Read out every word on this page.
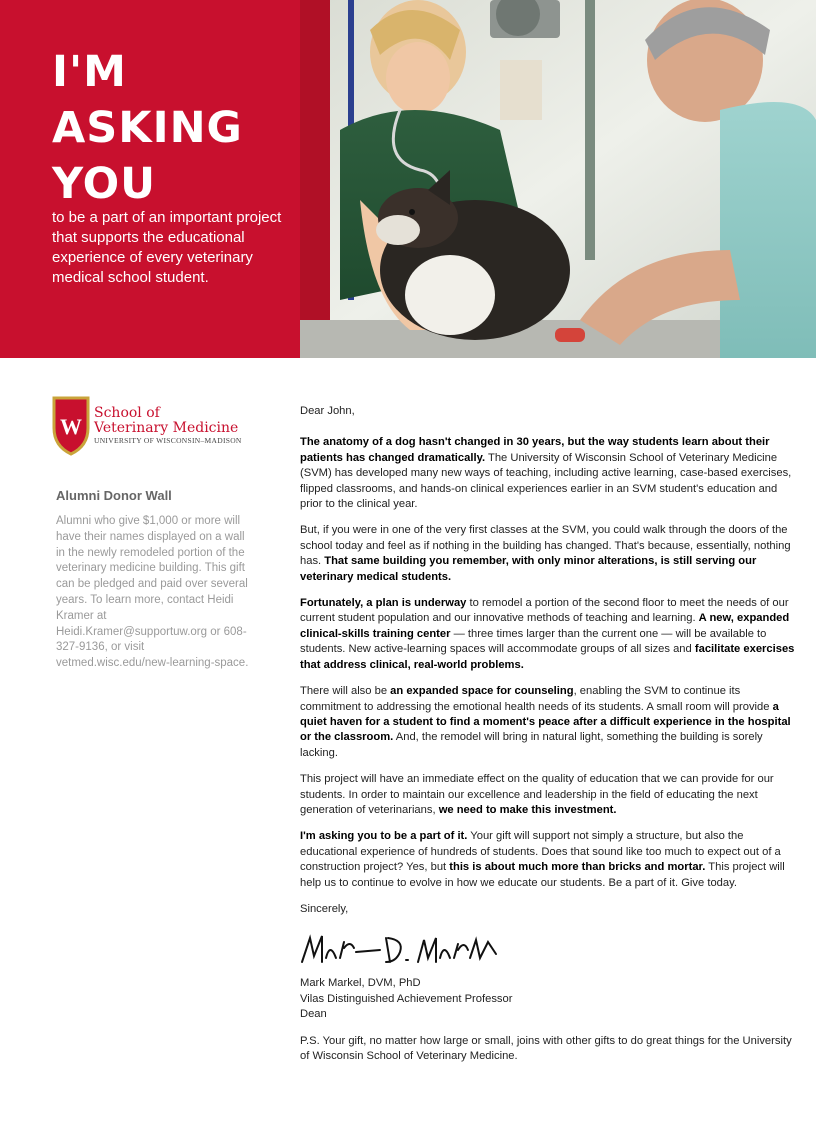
I'M
ASKING
YOU
to be a part of an important project that supports the educational experience of every veterinary medical school student.
W
School of
Veterinary Medicine
UNIVERSITY OF WISCONSIN–MADISON
Alumni Donor Wall
Alumni who give $1,000 or more will have their names displayed on a wall in the newly remodeled portion of the veterinary medicine building. This gift can be pledged and paid over several years. To learn more, contact Heidi Kramer at Heidi.Kramer@supportuw.org or 608-327-9136, or visit vetmed.wisc.edu/new-learning-space.

Dear John,

The anatomy of a dog hasn't changed in 30 years, but the way students learn about their patients has changed dramatically. The University of Wisconsin School of Veterinary Medicine (SVM) has developed many new ways of teaching, including active learning, case-based exercises, flipped classrooms, and hands-on clinical experiences earlier in an SVM student's education and prior to the clinical year.

But, if you were in one of the very first classes at the SVM, you could walk through the doors of the school today and feel as if nothing in the building has changed. That's because, essentially, nothing has. That same building you remember, with only minor alterations, is still serving our veterinary medical students.

Fortunately, a plan is underway to remodel a portion of the second floor to meet the needs of our current student population and our innovative methods of teaching and learning. A new, expanded clinical-skills training center — three times larger than the current one — will be available to students. New active-learning spaces will accommodate groups of all sizes and facilitate exercises that address clinical, real-world problems.

There will also be an expanded space for counseling, enabling the SVM to continue its commitment to addressing the emotional health needs of its students. A small room will provide a quiet haven for a student to find a moment's peace after a difficult experience in the hospital or the classroom. And, the remodel will bring in natural light, something the building is sorely lacking.

This project will have an immediate effect on the quality of education that we can provide for our students. In order to maintain our excellence and leadership in the field of educating the next generation of veterinarians, we need to make this investment.

I'm asking you to be a part of it. Your gift will support not simply a structure, but also the educational experience of hundreds of students. Does that sound like too much to expect out of a construction project? Yes, but this is about much more than bricks and mortar. This project will help us to continue to evolve in how we educate our students. Be a part of it. Give today.

Sincerely,

Mark Markel, DVM, PhD

Vilas Distinguished Achievement Professor

Dean

P.S. Your gift, no matter how large or small, joins with other gifts to do great things for the University of Wisconsin School of Veterinary Medicine.
